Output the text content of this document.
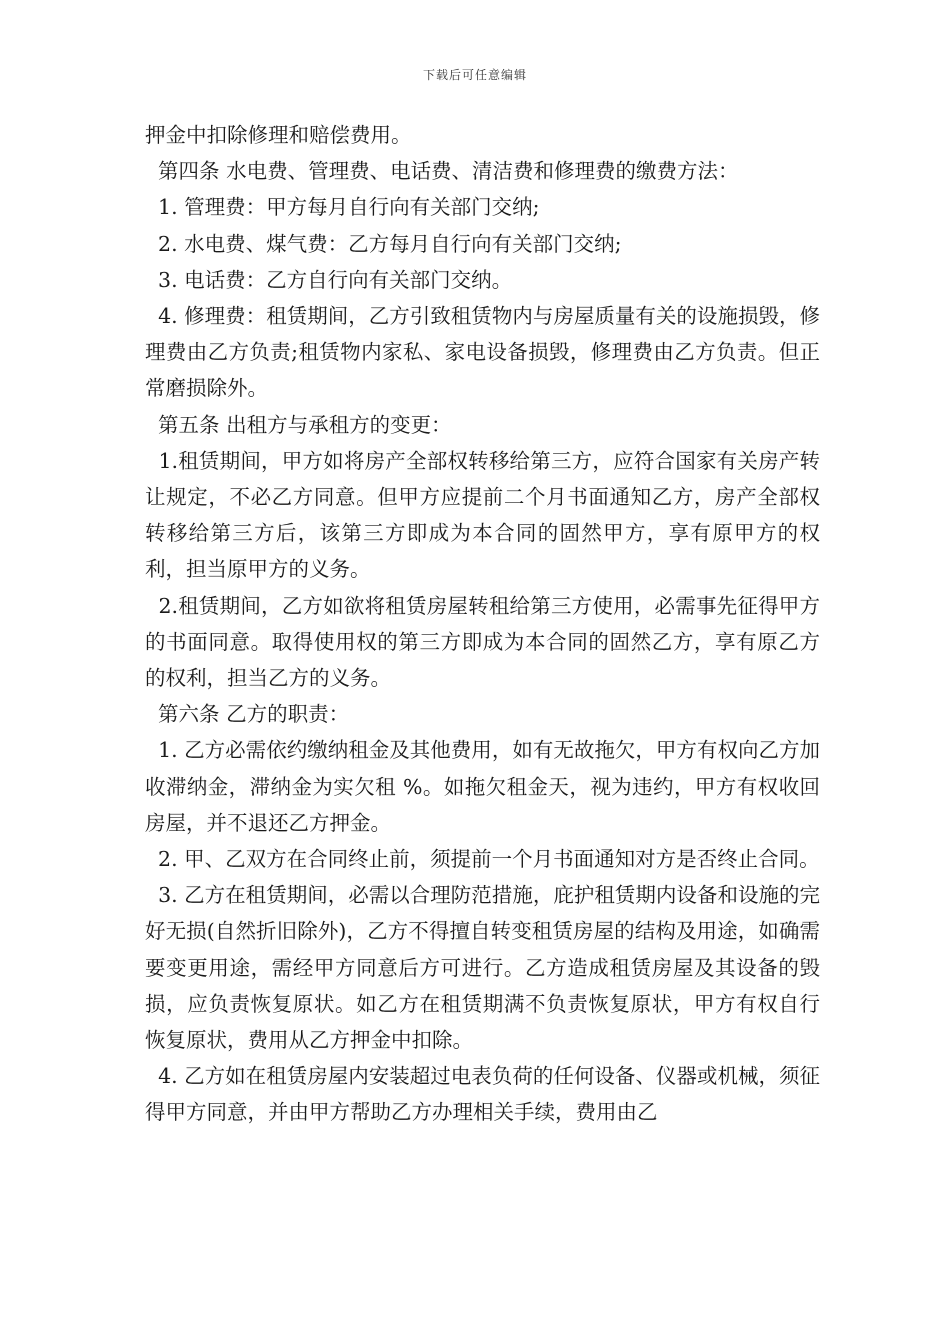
下载后可任意编辑

押金中扣除修理和赔偿费用。

第四条 水电费、管理费、电话费、清洁费和修理费的缴费方法：

1. 管理费：甲方每月自行向有关部门交纳;

2. 水电费、煤气费：乙方每月自行向有关部门交纳;

3. 电话费：乙方自行向有关部门交纳。

4. 修理费：租赁期间，乙方引致租赁物内与房屋质量有关的设施损毁，修理费由乙方负责;租赁物内家私、家电设备损毁，修理费由乙方负责。但正常磨损除外。

第五条 出租方与承租方的变更：

1.租赁期间，甲方如将房产全部权转移给第三方，应符合国家有关房产转让规定，不必乙方同意。但甲方应提前二个月书面通知乙方，房产全部权转移给第三方后，该第三方即成为本合同的固然甲方，享有原甲方的权利，担当原甲方的义务。

2.租赁期间，乙方如欲将租赁房屋转租给第三方使用，必需事先征得甲方的书面同意。取得使用权的第三方即成为本合同的固然乙方，享有原乙方的权利，担当乙方的义务。

第六条 乙方的职责：

1. 乙方必需依约缴纳租金及其他费用，如有无故拖欠，甲方有权向乙方加收滞纳金，滞纳金为实欠租 %。如拖欠租金天，视为违约，甲方有权收回房屋，并不退还乙方押金。

2. 甲、乙双方在合同终止前，须提前一个月书面通知对方是否终止合同。

3. 乙方在租赁期间，必需以合理防范措施，庇护租赁期内设备和设施的完好无损(自然折旧除外)，乙方不得擅自转变租赁房屋的结构及用途，如确需要变更用途，需经甲方同意后方可进行。乙方造成租赁房屋及其设备的毁损，应负责恢复原状。如乙方在租赁期满不负责恢复原状，甲方有权自行恢复原状，费用从乙方押金中扣除。

4. 乙方如在租赁房屋内安装超过电表负荷的任何设备、仪器或机械，须征得甲方同意，并由甲方帮助乙方办理相关手续，费用由乙
